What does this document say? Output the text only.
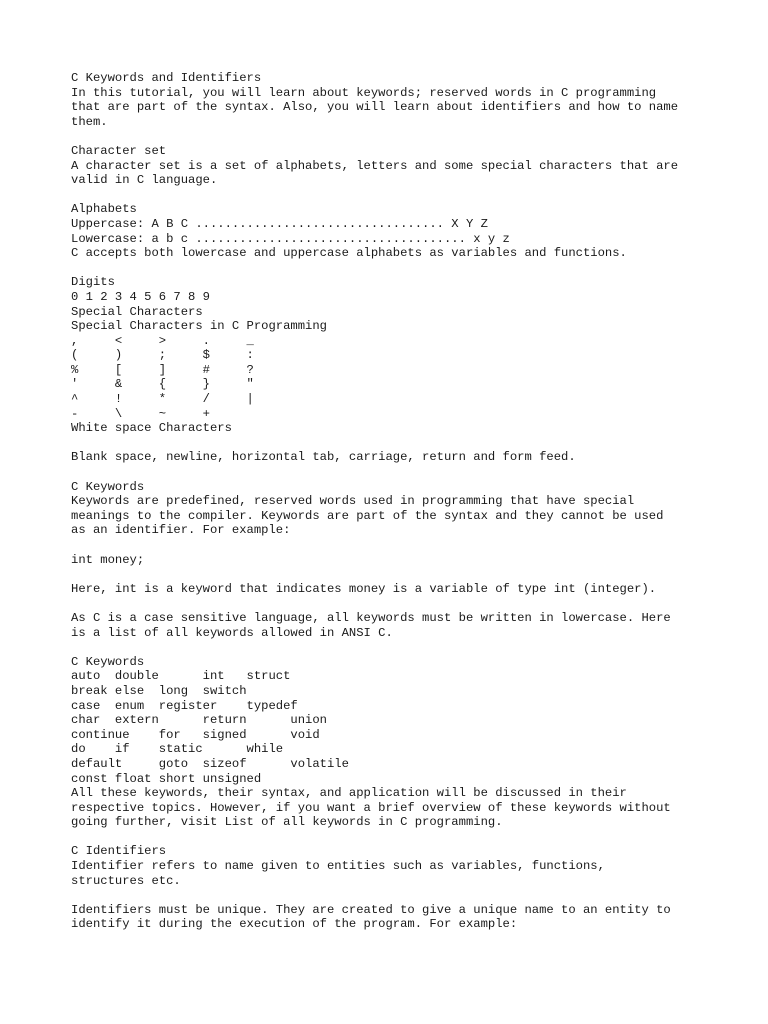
C Keywords and Identifiers
In this tutorial, you will learn about keywords; reserved words in C programming
that are part of the syntax. Also, you will learn about identifiers and how to name
them.

Character set
A character set is a set of alphabets, letters and some special characters that are
valid in C language.

Alphabets
Uppercase: A B C .................................. X Y Z
Lowercase: a b c ..................................... x y z
C accepts both lowercase and uppercase alphabets as variables and functions.

Digits
0 1 2 3 4 5 6 7 8 9
Special Characters
Special Characters in C Programming
,     <     >     .     _
(     )     ;     $     :
%     [     ]     #     ?
'     &     {     }     "
^     !     *     /     |
-     \     ~     +
White space Characters

Blank space, newline, horizontal tab, carriage, return and form feed.

C Keywords
Keywords are predefined, reserved words used in programming that have special
meanings to the compiler. Keywords are part of the syntax and they cannot be used
as an identifier. For example:

int money;

Here, int is a keyword that indicates money is a variable of type int (integer).

As C is a case sensitive language, all keywords must be written in lowercase. Here
is a list of all keywords allowed in ANSI C.

C Keywords
auto  double      int   struct
break else  long  switch
case  enum  register    typedef
char  extern      return      union
continue    for   signed      void
do    if    static      while
default     goto  sizeof      volatile
const float short unsigned
All these keywords, their syntax, and application will be discussed in their
respective topics. However, if you want a brief overview of these keywords without
going further, visit List of all keywords in C programming.

C Identifiers
Identifier refers to name given to entities such as variables, functions,
structures etc.

Identifiers must be unique. They are created to give a unique name to an entity to
identify it during the execution of the program. For example:
